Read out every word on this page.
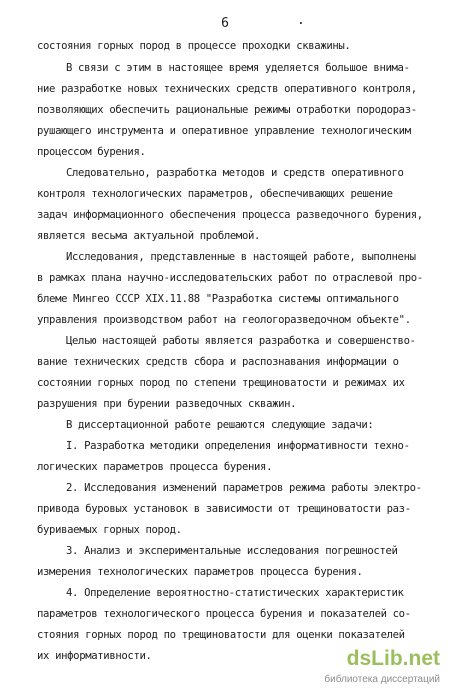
6	.
состояния горных пород в процессе проходки скважины.
В связи с этим в настоящее время уделяется большое внима-
ние разработке новых технических средств оперативного контроля,
позволяющих обеспечить рациональные режимы отработки породораз-
рушающего инструмента и оперативное управление технологическим
процессом бурения.
Следовательно, разработка методов и средств оперативного
контроля технологических параметров, обеспечивающих решение
задач информационного обеспечения процесса разведочного бурения,
является весьма актуальной проблемой.
Исследования, представленные в настоящей работе, выполнены
в рамках плана научно-исследовательских работ по отраслевой про-
блеме Мингео СССР XIX.11.88 "Разработка системы оптимального
управления производством работ на геологоразведочном объекте".
Целью настоящей работы является разработка и совершенство-
вание технических средств сбора и распознавания информации о
состоянии горных пород по степени трещиноватости и режимах их
разрушения при бурении разведочных скважин.
В диссертационной работе решаются следующие задачи:
I. Разработка методики определения информативности техно-
логических параметров процесса бурения.
2. Исследования изменений параметров режима работы электро-
привода буровых установок в зависимости от трещиноватости раз-
буриваемых горных пород.
3. Анализ и экспериментальные исследования погрешностей
измерения технологических параметров процесса бурения.
4. Определение вероятностно-статистических характеристик
параметров технологического процесса бурения и показателей со-
стояния горных пород по трещиноватости для оценки показателей
их информативности.	dsLib.net
библиотека диссертаций
